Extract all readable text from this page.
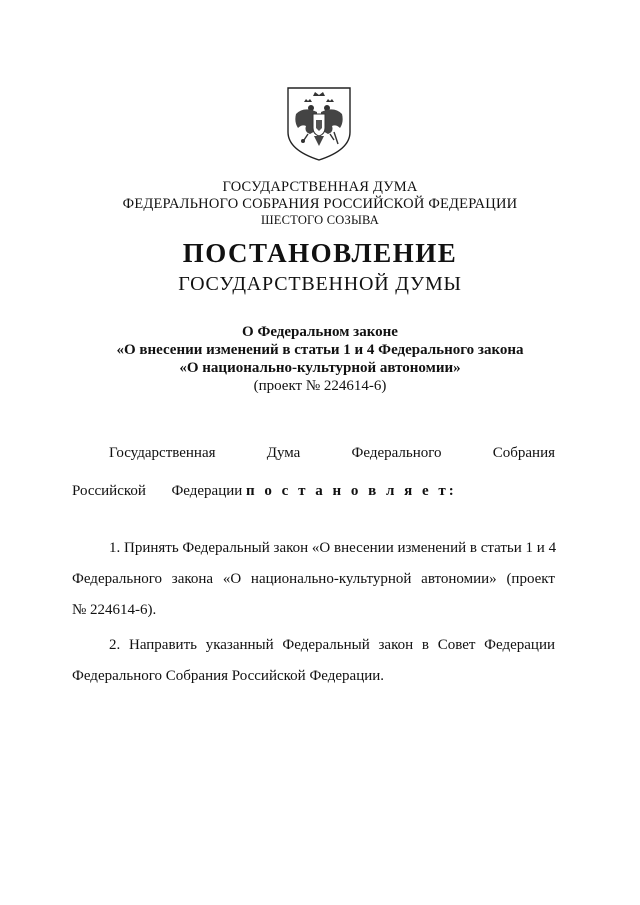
ГОСУДАРСТВЕННАЯ ДУМА
ФЕДЕРАЛЬНОГО СОБРАНИЯ РОССИЙСКОЙ ФЕДЕРАЦИИ
ШЕСТОГО СОЗЫВА
ПОСТАНОВЛЕНИЕ
ГОСУДАРСТВЕННОЙ ДУМЫ
О Федеральном законе
«О внесении изменений в статьи 1 и 4 Федерального закона
«О национально-культурной автономии»
(проект № 224614-6)
Государственная	Дума	Федерального	Собрания
Российской Федерации п о с т а н о в л я е т:
1. Принять Федеральный закон «О внесении изменений в статьи 1 и 4
Федерального закона «О национально-культурной автономии» (проект
№ 224614-6).
2. Направить указанный Федеральный закон в Совет Федерации
Федерального Собрания Российской Федерации.
